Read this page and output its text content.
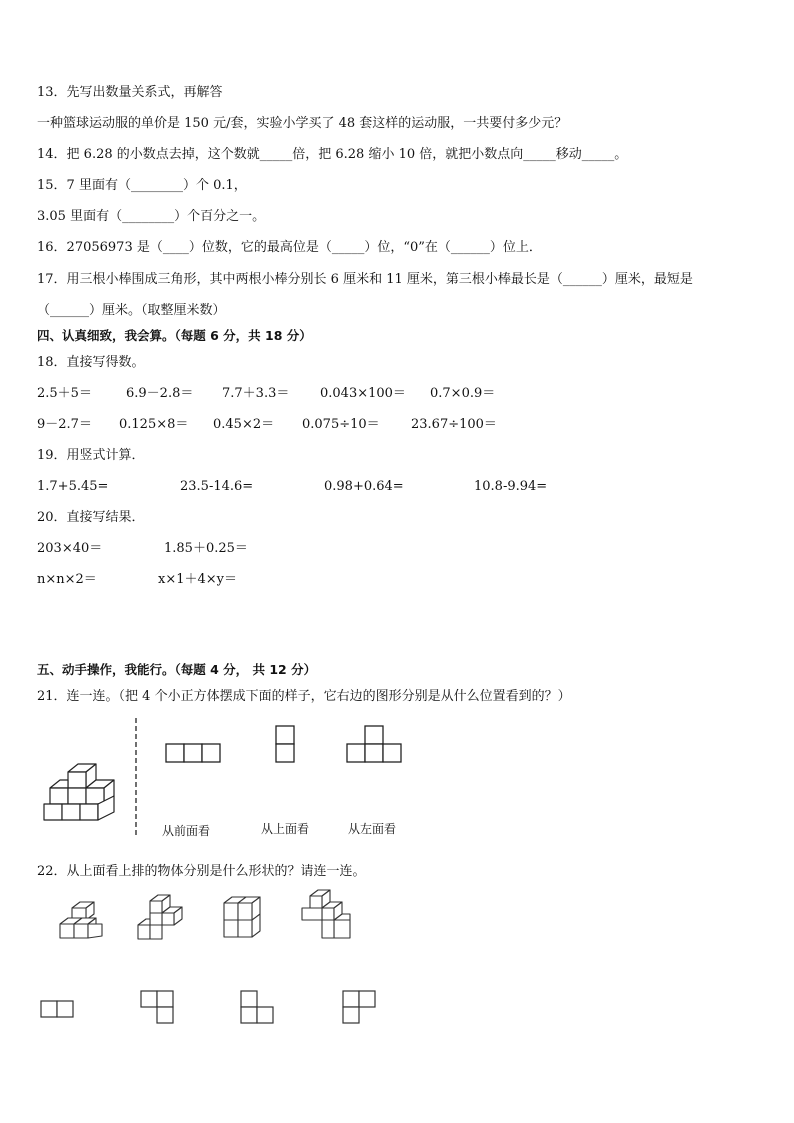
13．先写出数量关系式，再解答
一种篮球运动服的单价是 150 元/套，实验小学买了 48 套这样的运动服，一共要付多少元？
14．把 6.28 的小数点去掉，这个数就_____倍，把 6.28 缩小 10 倍，就把小数点向_____移动_____。
15．7 里面有（________）个 0.1，
3.05 里面有（________）个百分之一。
16．27056973 是（____）位数，它的最高位是（_____）位，“0”在（______）位上．
17．用三根小棒围成三角形，其中两根小棒分别长 6 厘米和 11 厘米，第三根小棒最长是（______）厘米，最短是
（______）厘米。（取整厘米数）
四、认真细致，我会算。（每题 6 分，共 18 分）
18．直接写得数。
2.5＋5＝	6.9－2.8＝ 7.7＋3.3＝ 0.043×100＝ 0.7×0.9＝
9－2.7＝ 0.125×8＝ 0.45×2＝ 0.075÷10＝ 23.67÷100＝
19．用竖式计算．
1.7+5.45=	23.5-14.6=	0.98+0.64=	10.8-9.94=
20．直接写结果．
203×40＝	1.85＋0.25＝
n×n×2＝	x×1＋4×y＝
五、动手操作，我能行。（每题 4 分， 共 12 分）
21．连一连。（把 4 个小正方体摆成下面的样子，它右边的图形分别是从什么位置看到的？）
从前面看	从上面看	从左面看
22．从上面看上排的物体分别是什么形状的？请连一连。
